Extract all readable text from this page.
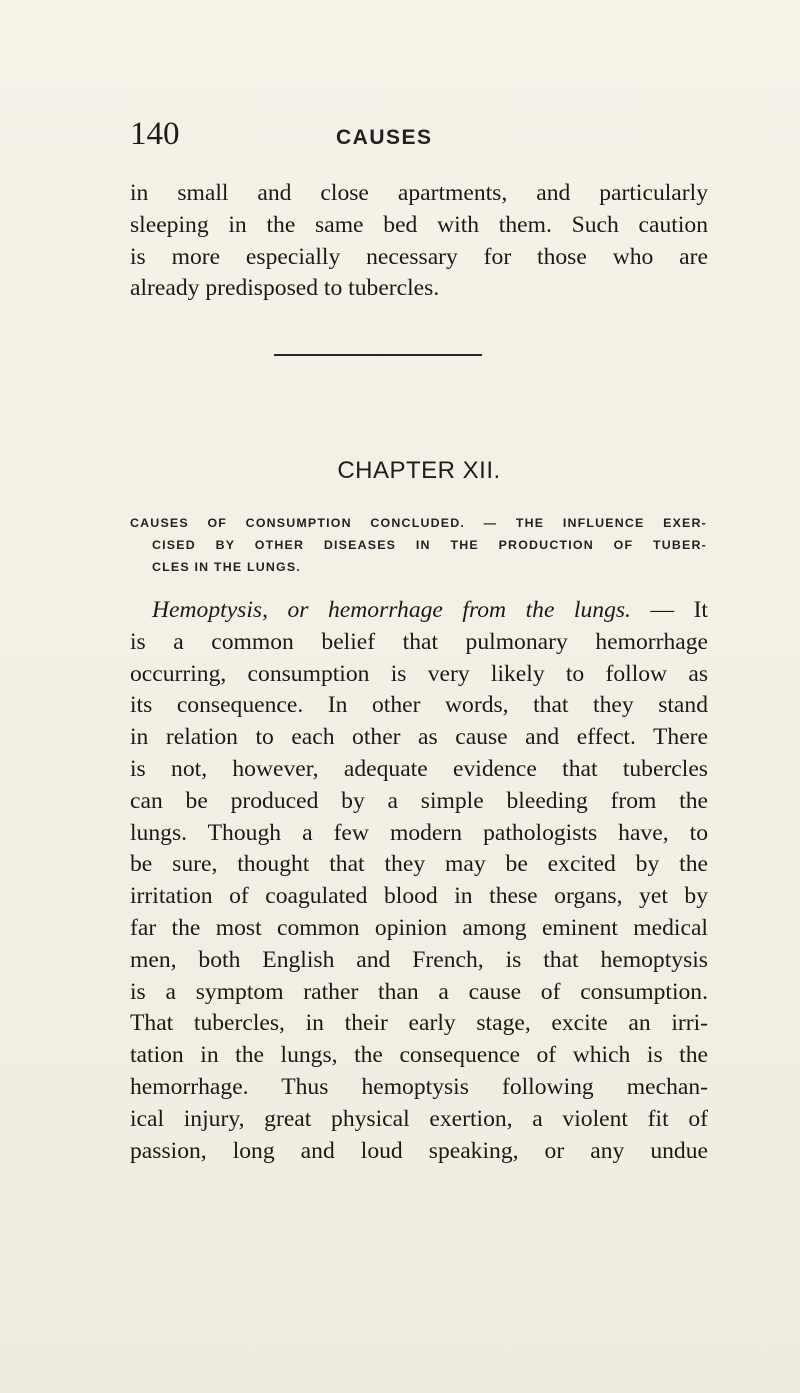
140	CAUSES
in small and close apartments, and particularly
sleeping in the same bed with them. Such caution
is more especially necessary for those who are
already predisposed to tubercles.
CHAPTER XII.
CAUSES OF CONSUMPTION CONCLUDED. — THE INFLUENCE EXER-
CISED BY OTHER DISEASES IN THE PRODUCTION OF TUBER-
CLES IN THE LUNGS.
Hemoptysis, or hemorrhage from the lungs. — It
is a common belief that pulmonary hemorrhage
occurring, consumption is very likely to follow as
its consequence. In other words, that they stand
in relation to each other as cause and effect. There
is not, however, adequate evidence that tubercles
can be produced by a simple bleeding from the
lungs. Though a few modern pathologists have, to
be sure, thought that they may be excited by the
irritation of coagulated blood in these organs, yet by
far the most common opinion among eminent medical
men, both English and French, is that hemoptysis
is a symptom rather than a cause of consumption.
That tubercles, in their early stage, excite an irri-
tation in the lungs, the consequence of which is the
hemorrhage. Thus hemoptysis following mechan-
ical injury, great physical exertion, a violent fit of
passion, long and loud speaking, or any undue
